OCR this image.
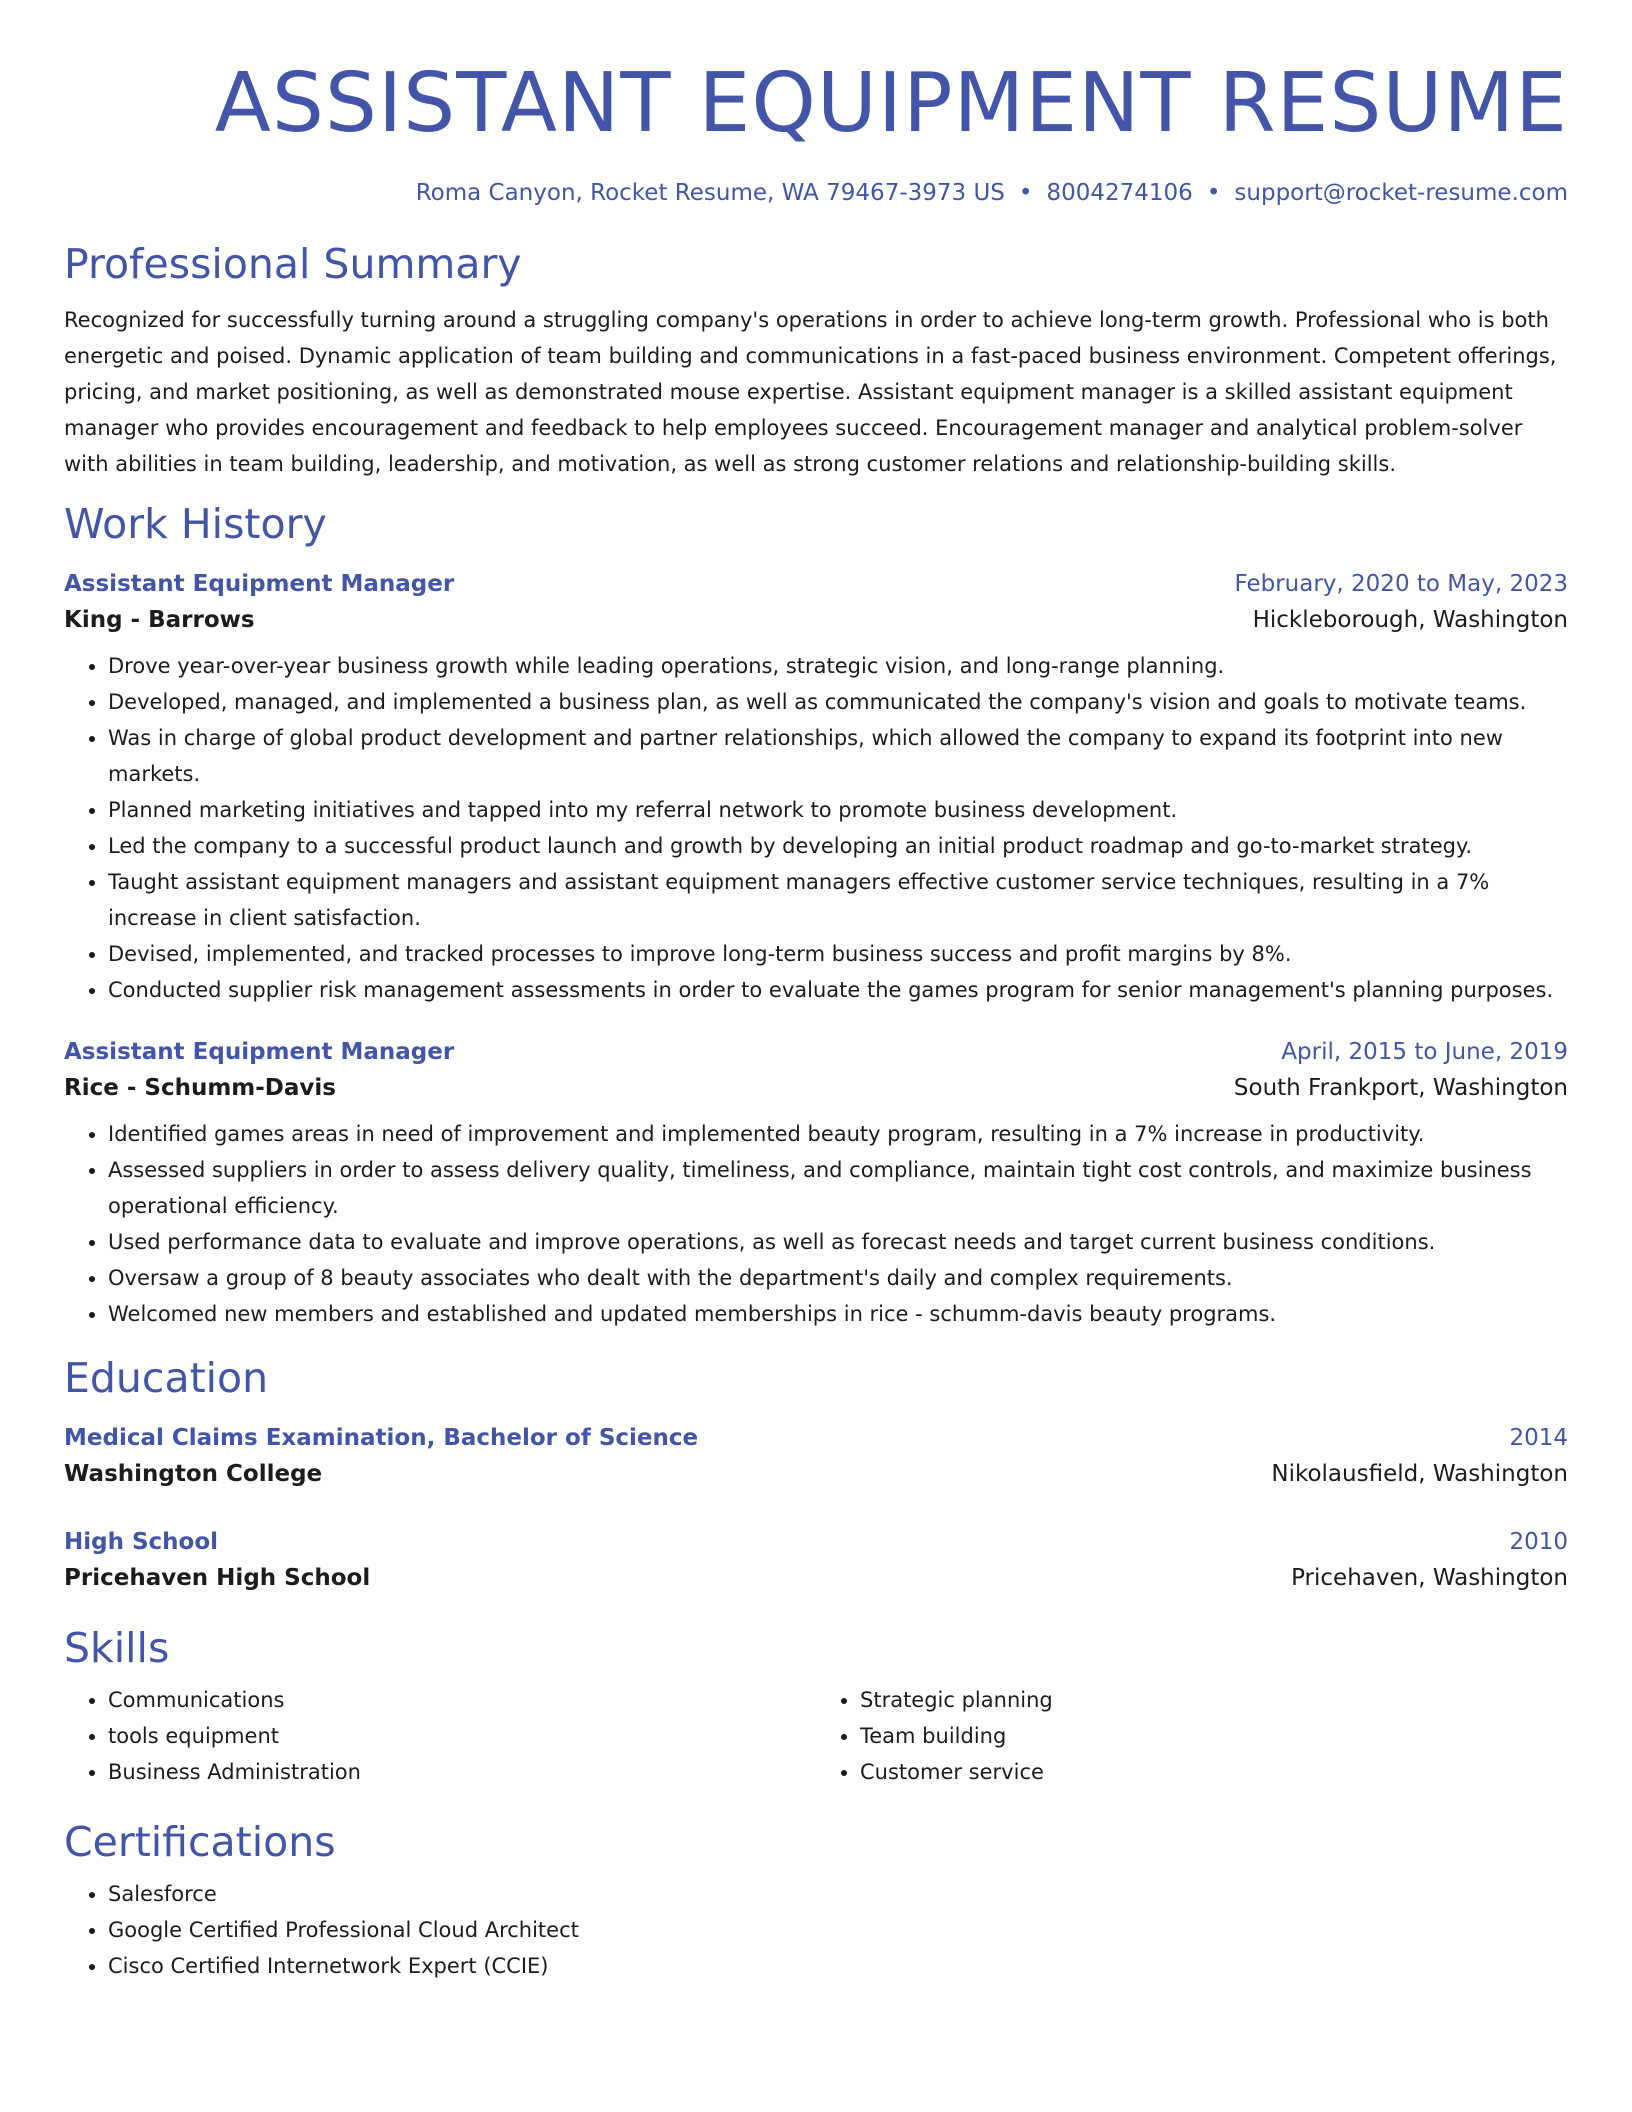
ASSISTANT EQUIPMENT RESUME
Roma Canyon, Rocket Resume, WA 79467-3973 US • 8004274106 • support@rocket-resume.com
Professional Summary
Recognized for successfully turning around a struggling company's operations in order to achieve long-term growth. Professional who is both energetic and poised. Dynamic application of team building and communications in a fast-paced business environment. Competent offerings, pricing, and market positioning, as well as demonstrated mouse expertise. Assistant equipment manager is a skilled assistant equipment manager who provides encouragement and feedback to help employees succeed. Encouragement manager and analytical problem-solver with abilities in team building, leadership, and motivation, as well as strong customer relations and relationship-building skills.
Work History
Assistant Equipment Manager	February, 2020 to May, 2023
King - Barrows	Hickleborough, Washington
• Drove year-over-year business growth while leading operations, strategic vision, and long-range planning.
• Developed, managed, and implemented a business plan, as well as communicated the company's vision and goals to motivate teams.
• Was in charge of global product development and partner relationships, which allowed the company to expand its footprint into new markets.
• Planned marketing initiatives and tapped into my referral network to promote business development.
• Led the company to a successful product launch and growth by developing an initial product roadmap and go-to-market strategy.
• Taught assistant equipment managers and assistant equipment managers effective customer service techniques, resulting in a 7% increase in client satisfaction.
• Devised, implemented, and tracked processes to improve long-term business success and profit margins by 8%.
• Conducted supplier risk management assessments in order to evaluate the games program for senior management's planning purposes.
Assistant Equipment Manager	April, 2015 to June, 2019
Rice - Schumm-Davis	South Frankport, Washington
• Identified games areas in need of improvement and implemented beauty program, resulting in a 7% increase in productivity.
• Assessed suppliers in order to assess delivery quality, timeliness, and compliance, maintain tight cost controls, and maximize business operational efficiency.
• Used performance data to evaluate and improve operations, as well as forecast needs and target current business conditions.
• Oversaw a group of 8 beauty associates who dealt with the department's daily and complex requirements.
• Welcomed new members and established and updated memberships in rice - schumm-davis beauty programs.
Education
Medical Claims Examination, Bachelor of Science	2014
Washington College	Nikolausfield, Washington
High School	2010
Pricehaven High School	Pricehaven, Washington
Skills
• Communications
• tools equipment
• Business Administration
• Strategic planning
• Team building
• Customer service
Certifications
• Salesforce
• Google Certified Professional Cloud Architect
• Cisco Certified Internetwork Expert (CCIE)
